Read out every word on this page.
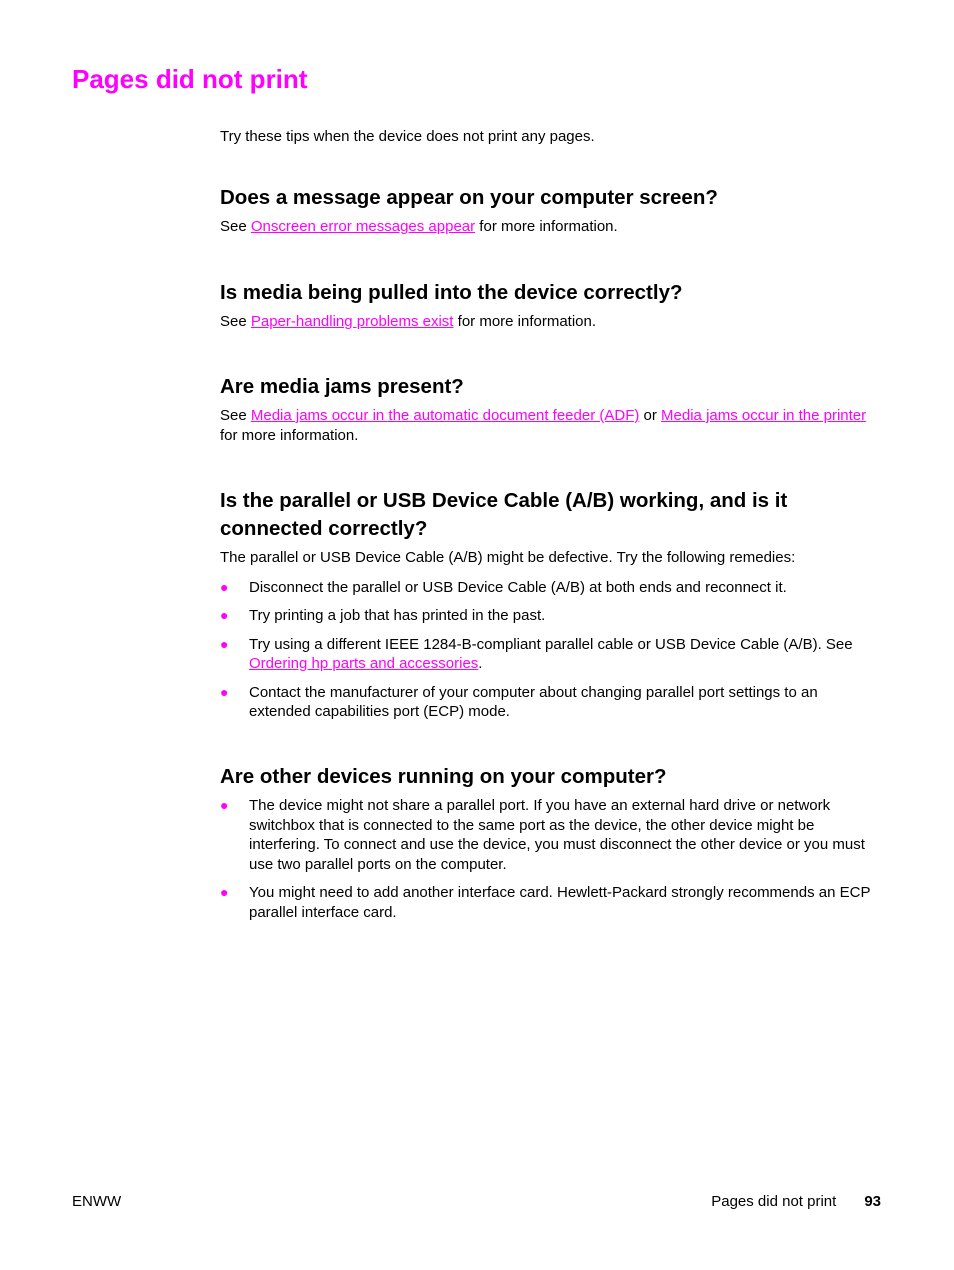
Pages did not print

Try these tips when the device does not print any pages.

Does a message appear on your computer screen?

See Onscreen error messages appear for more information.

Is media being pulled into the device correctly?

See Paper-handling problems exist for more information.

Are media jams present?

See Media jams occur in the automatic document feeder (ADF) or Media jams occur in the printer for more information.

Is the parallel or USB Device Cable (A/B) working, and is it connected correctly?

The parallel or USB Device Cable (A/B) might be defective. Try the following remedies:

● Disconnect the parallel or USB Device Cable (A/B) at both ends and reconnect it.
● Try printing a job that has printed in the past.
● Try using a different IEEE 1284-B-compliant parallel cable or USB Device Cable (A/B). See Ordering hp parts and accessories.
● Contact the manufacturer of your computer about changing parallel port settings to an extended capabilities port (ECP) mode.
Are other devices running on your computer?
● The device might not share a parallel port. If you have an external hard drive or network switchbox that is connected to the same port as the device, the other device might be interfering. To connect and use the device, you must disconnect the other device or you must use two parallel ports on the computer.
● You might need to add another interface card. Hewlett-Packard strongly recommends an ECP parallel interface card.
ENWW	Pages did not print 93
